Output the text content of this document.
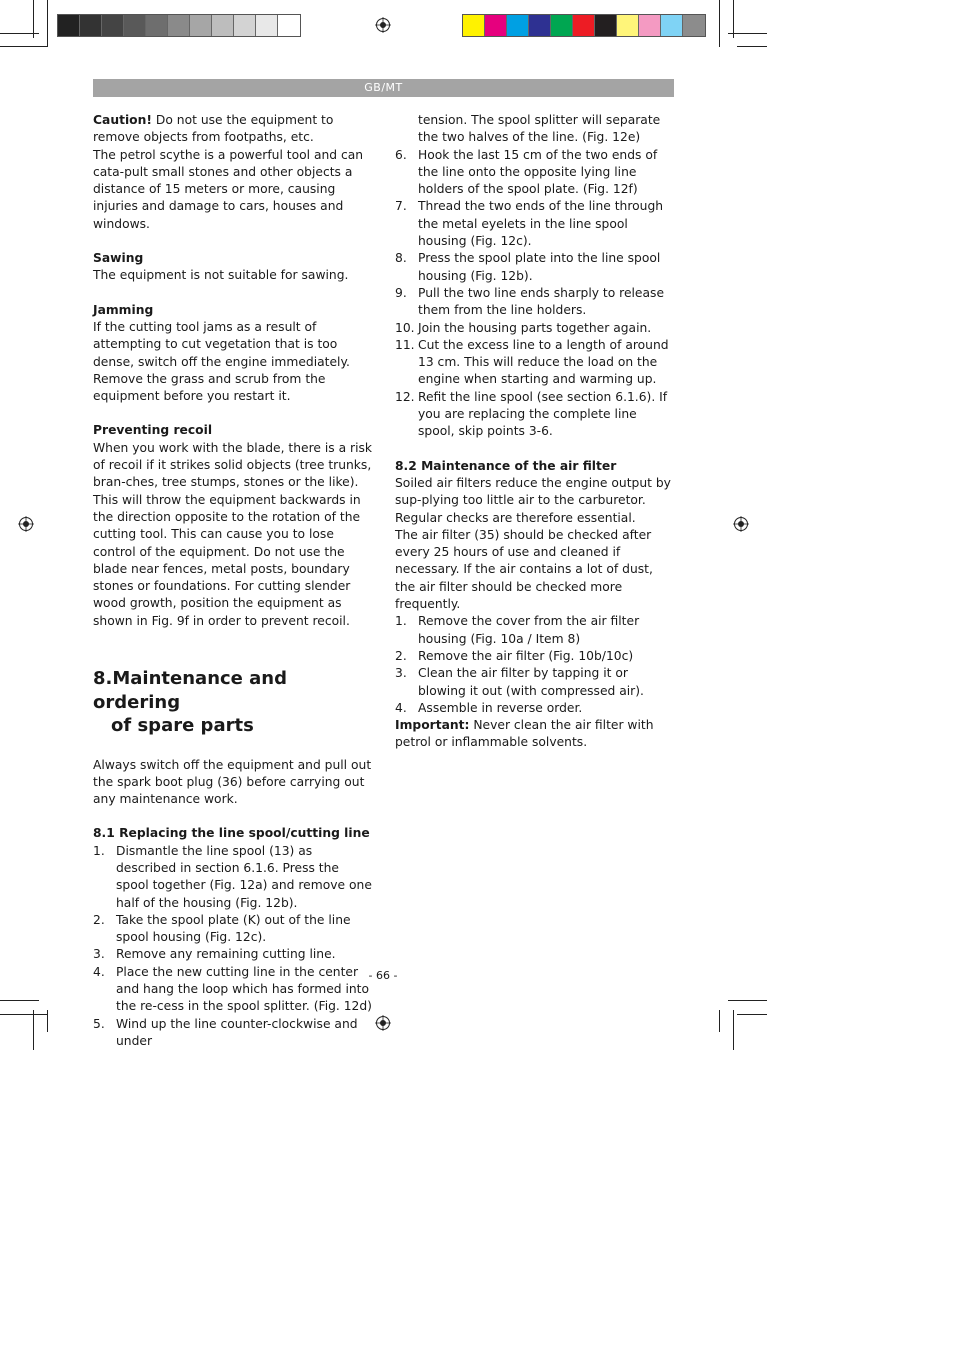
GB/MT

Caution! Do not use the equipment to remove objects from footpaths, etc.

The petrol scythe is a powerful tool and can cata-pult small stones and other objects a distance of 15 meters or more, causing injuries and damage to cars, houses and windows.

Sawing

The equipment is not suitable for sawing.

Jamming

If the cutting tool jams as a result of attempting to cut vegetation that is too dense, switch off the engine immediately. Remove the grass and scrub from the equipment before you restart it.

Preventing recoil

When you work with the blade, there is a risk of recoil if it strikes solid objects (tree trunks, bran-ches, tree stumps, stones or the like). This will throw the equipment backwards in the direction opposite to the rotation of the cutting tool. This can cause you to lose control of the equipment. Do not use the blade near fences, metal posts, boundary stones or foundations. For cutting slender wood growth, position the equipment as shown in Fig. 9f in order to prevent recoil.

8.Maintenance and ordering
of spare parts

Always switch off the equipment and pull out the spark boot plug (36) before carrying out any maintenance work.

8.1 Replacing the line spool/cutting line

1. Dismantle the line spool (13) as described in section 6.1.6. Press the spool together (Fig. 12a) and remove one half of the housing (Fig. 12b).
2. Take the spool plate (K) out of the line spool housing (Fig. 12c).
3. Remove any remaining cutting line.
4. Place the new cutting line in the center and hang the loop which has formed into the re-cess in the spool splitter. (Fig. 12d)
5. Wind up the line counter-clockwise and under

tension. The spool splitter will separate the two halves of the line. (Fig. 12e)

6. Hook the last 15 cm of the two ends of the line onto the opposite lying line holders of the spool plate. (Fig. 12f)
7. Thread the two ends of the line through the metal eyelets in the line spool housing (Fig. 12c).
8. Press the spool plate into the line spool housing (Fig. 12b).
9. Pull the two line ends sharply to release them from the line holders.
10. Join the housing parts together again.
11. Cut the excess line to a length of around 13 cm. This will reduce the load on the engine when starting and warming up.
12. Refit the line spool (see section 6.1.6). If you are replacing the complete line spool, skip points 3-6.

8.2 Maintenance of the air filter

Soiled air filters reduce the engine output by sup-plying too little air to the carburetor.

Regular checks are therefore essential.

The air filter (35) should be checked after every 25 hours of use and cleaned if necessary. If the air contains a lot of dust, the air filter should be checked more frequently.

1. Remove the cover from the air filter housing (Fig. 10a / Item 8)
2. Remove the air filter (Fig. 10b/10c)
3. Clean the air filter by tapping it or blowing it out (with compressed air).
4. Assemble in reverse order.

Important: Never clean the air filter with petrol or inflammable solvents.

- 66 -
